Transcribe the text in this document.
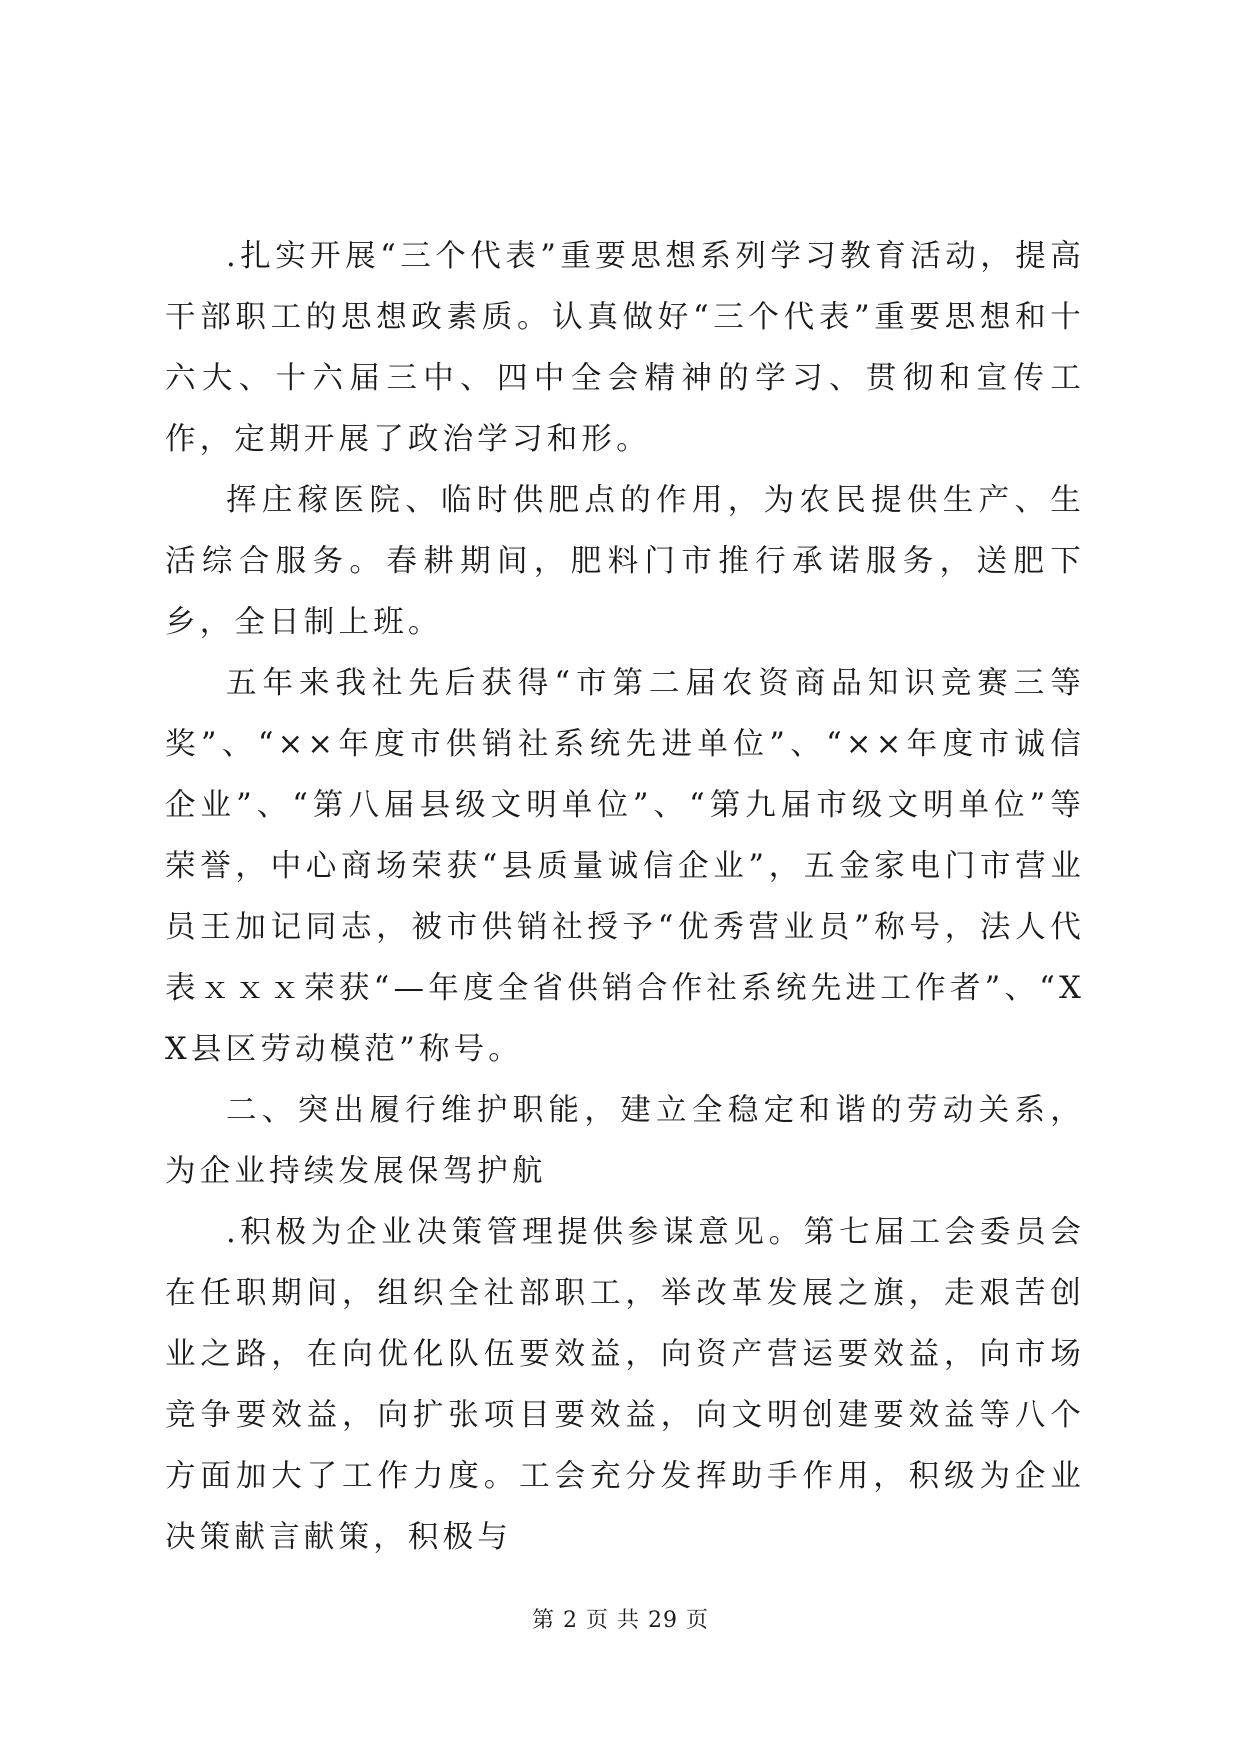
.扎实开展“三个代表”重要思想系列学习教育活动，提高干部职工的思想政素质。认真做好“三个代表”重要思想和十六大、十六届三中、四中全会精神的学习、贯彻和宣传工作，定期开展了政治学习和形。

挥庄稼医院、临时供肥点的作用，为农民提供生产、生活综合服务。春耕期间，肥料门市推行承诺服务，送肥下乡，全日制上班。

五年来我社先后获得“市第二届农资商品知识竞赛三等奖”、“××年度市供销社系统先进单位”、“××年度市诚信企业”、“第八届县级文明单位”、“第九届市级文明单位”等荣誉，中心商场荣获“县质量诚信企业”，五金家电门市营业员王加记同志，被市供销社授予“优秀营业员”称号，法人代表ｘｘｘ荣获“—年度全省供销合作社系统先进工作者”、“XX县区劳动模范”称号。

二、突出履行维护职能，建立全稳定和谐的劳动关系，为企业持续发展保驾护航

.积极为企业决策管理提供参谋意见。第七届工会委员会在任职期间，组织全社部职工，举改革发展之旗，走艰苦创业之路，在向优化队伍要效益，向资产营运要效益，向市场竞争要效益，向扩张项目要效益，向文明创建要效益等八个方面加大了工作力度。工会充分发挥助手作用，积级为企业决策献言献策，积极与

第 2 页 共 29 页
